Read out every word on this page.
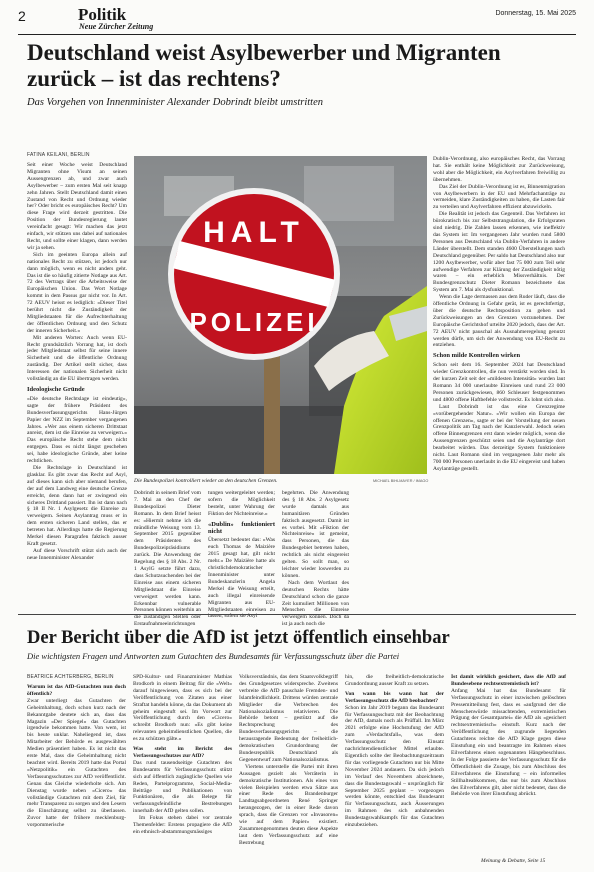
2	Politik
Neue Zürcher Zeitung
Donnerstag, 15. Mai 2025
Deutschland weist Asylbewerber und Migranten zurück – ist das rechtens?
Das Vorgehen von Innenminister Alexander Dobrindt bleibt umstritten
FATINA KEILANI, BERLIN

Seit einer Woche weist Deutschland Migranten ohne Visum an seinen Aussengrenzen ab, und zwar auch Asylbewerber – zum ersten Mal seit knapp zehn Jahren. Stellt Deutschland damit einen Zustand von Recht und Ordnung wieder her? Oder bricht es europäisches Recht? Um diese Frage wird derzeit gestritten. Die Position der Bundesregierung lautet vereinfacht gesagt: Wir machen das jetzt einfach, wir stützen uns dabei auf nationales Recht, und sollte einer klagen, dann werden wir ja sehen.

Sich im geeinten Europa allein auf nationales Recht zu stützen, ist jedoch nur dann möglich, wenn es nicht anders geht. Das ist die so häufig zitierte Notlage aus Art. 72 des Vertrags über die Arbeitsweise der Europäischen Union. Das Wort Notlage kommt in dem Passus gar nicht vor. In Art. 72 AEUV heisst es lediglich: «Dieser Titel berührt nicht die Zuständigkeit der Mitgliedstaaten für die Aufrechterhaltung der öffentlichen Ordnung und den Schutz der inneren Sicherheit.»

Mit anderen Worten: Auch wenn EU-Recht grundsätzlich Vorrang hat, ist doch jeder Mitgliedstaat selbst für seine innere Sicherheit und die öffentliche Ordnung zuständig. Der Artikel stellt sicher, dass Interessen der nationalen Sicherheit nicht vollständig an die EU übertragen werden.

Ideologische Gründe

«Die deutsche Rechtslage ist eindeutig», sagte der frühere Präsident des Bundesverfassungsgerichts Hans-Jürgen Papier der NZZ im September vergangenen Jahres. «Wer aus einem sicheren Drittstaat anreist, dem ist die Einreise zu verweigern.» Das europäische Recht stehe dem nicht entgegen. Dass es nicht längst geschehen sei, habe ideologische Gründe, aber keine rechtlichen.

Die Rechtslage in Deutschland ist glasklar. Es gibt zwar das Recht auf Asyl, auf dieses kann sich aber niemand berufen, der auf dem Landweg eine deutsche Grenze erreicht, denn dann hat er zwingend ein sicheres Drittland passiert. Ihn ist dann nach § 18 II Nr. 1 Asylgesetz die Einreise zu verweigern. Seinen Asylantrag muss er in dem ersten sicheren Land stellen, das er betreten hat. Allerdings hatte die Regierung Merkel diesen Paragrafen faktisch ausser Kraft gesetzt.

Auf diese Vorschrift stützt sich auch der neue Innenminister Alexander

HALT
POLIZEI
Die Bundespolizei kontrolliert wieder an den deutschen Grenzen.	MICHAEL BIHLMAYER / IMAGO

Dobrindt in seinem Brief vom 7. Mai an den Chef der Bundespolizei Dieter Romann. In dem Brief heisst es: «Hiermit nehme ich die mündliche Weisung vom 13. September 2015 gegenüber dem Präsidenten des Bundespolizeipräsidiums zurück. Die Anwendung der Regelung des § 18 Abs. 2 Nr. 1 AsylG setzte führt dazu, dass Schutzsuchenden bei der Einreise aus einem sicheren Mitgliedstaat die Einreise verweigert werden kann. Erkennbar vulnerable Personen können weiterhin an die zuständigen Stellen oder Erstaufnahmeeinrichtungen

tungen weitergeleitet werden; sofern die Möglichkeit besteht, unter Wahrung der Fiktion der Nichteinreise.»

«Dublin» funktioniert nicht

Übersetzt bedeutet das: «Was euch Thomas de Maizière 2015 gesagt hat, gilt nicht mehr.» De Maizière hatte als christlichdemokratischer Innenminister unter Bundeskanzlerin Angela Merkel die Weisung erteilt, auch illegal einreisende Migranten aus EU-Mitgliedstaaten einreisen zu lassen, sofern sie Asyl

begehrten. Die Anwendung des § 18 Abs. 2 Asylgesetz wurde damals aus humanitären Gründen faktisch ausgesetzt. Damit ist es vorbei. Mit «Fiktion der Nichteinreise» ist gemeint, dass Personen, die das Bundesgebiet betreten haben, rechtlich als nicht eingereist gelten. So sollt man, so leichter wieder loswerden zu können.

Nach dem Wortlaut des deutschen Rechts hätte Deutschland schon die ganze Zeit kumuliert Millionen von Menschen die Einreise verweigern können. Doch da ist ja auch noch die

Dublin-Verordnung, also europäisches Recht, das Vorrang hat. Sie enthält keine Möglichkeit zur Zurückweisung, wohl aber die Möglichkeit, ein Asylverfahren freiwillig zu übernehmen.

Das Ziel der Dublin-Verordnung ist es, Binnenmigration von Asylbewerbern in der EU und Mehrfachanträge zu vermeiden, klare Zuständigkeiten zu haben, die Lasten fair zu verteilen und Asylverfahren effizient abzuwickeln.

Die Realität ist jedoch das Gegenteil. Das Verfahren ist bürokratisch bis zur Selbststrangulation, die Erfolgsraten sind niedrig. Die Zahlen lassen erkennen, wie ineffektiv das System ist: Im vergangenen Jahr wurden rund 5800 Personen aus Deutschland via Dublin-Verfahren in andere Länder überstellt. Dem standen 4600 Überstellungen nach Deutschland gegenüber. Per saldo hat Deutschland also nur 1200 Asylbewerber, wofür aber fast 75 000 zum Teil sehr aufwendige Verfahren zur Klärung der Zuständigkeit nötig waren – ein erheblich Missverhältnis. Der Bundesgrenzschutz Dieter Romann bezeichnete das System am 7. Mai als dysfunktional.

Wenn die Lage dermassen aus dem Ruder läuft, dass die öffentliche Ordnung in Gefahr gerät, ist es gerechtfertigt, über die deutsche Rechtsposition zu gehen und Zurückweisungen an den Grenzen vorzunehmen. Der Europäische Gerichtshof urteilte 2020 jedoch, dass der Art. 72 AEUV nicht pauschal als Ausnahmeregelung genutzt werden dürfe, um sich der Anwendung von EU-Recht zu entziehen.

Schon milde Kontrollen wirken

Schon seit dem 16. September 2024 hat Deutschland wieder Grenzkontrollen, die nun verstärkt worden sind. In der kurzen Zeit seit der «mildesten Intensität» wurden laut Romann 34 000 unerlaubte Einreisen und rund 23 000 Personen zurückgewiesen, 860 Schleuser festgenommen und 4800 offene Haftbefehle vollstreckt. Es lohnt sich also.

Laut Dobrindt ist das eine Grenzregime «vorübergehender Natur». «Wir wollen ein Europa der offenen Grenzen», sagte er bei der Vorstellung der neuen Grenzpolitik am Tag nach der Kanzlerwahl. Jedoch seien offene Binnengrenzen erst dann wieder möglich, wenn die Aussengrenzen geschützt seien und die Asylanträge dort bearbeitet würden. Das derzeitige System funktioniere nicht. Laut Romann sind im vergangenen Jahr mehr als 700 000 Personen unerlaubt in die EU eingereist und haben Asylanträge gestellt.

Der Bericht über die AfD ist jetzt öffentlich einsehbar
Die wichtigsten Fragen und Antworten zum Gutachten des Bundesamts für Verfassungsschutz über die Partei
BEATRICE ACHTERBERG, BERLIN
Warum ist das AfD-Gutachten nun doch öffentlich?

Zwar unterliegt das Gutachten der Geheimhaltung, doch schon kurz nach der Bekanntgabe deutete sich an, dass das Magazin «Der Spiegel» das Gutachten irgendwie bekommen hatte. Von wem, ist bis heute unklar. Naheliegend ist, dass Mitarbeiter der Behörde es ausgewählten Medien präsentiert haben. Es ist nicht das erste Mal, dass die Geheimhaltung nicht beachtet wird. Bereits 2019 hatte das Portal «Netzpolitik» ein Gutachten des Verfassungsschutzes zur AfD veröffentlicht. Genau das Gleiche wiederholte sich. Am Dienstag wurde neben «Cicero» das vollständige Gutachten mit dem Ziel, für mehr Transparenz zu sorgen und den Lesern die Einschätzung selbst zu überlassen. Zuvor hatte der frühere mecklenburg-vorpommerische

SPD-Kultur- und Finanzminister Mathias Brodkorb in einem Beitrag für die «Welt» darauf hingewiesen, dass es sich bei der Veröffentlichung von Zitaten aus einer Straftat handeln könne, da das Dokument ab geheim eingestuft sei. Im Vorwort zur Veröffentlichung durch den «Cicero» schreibt Brodkorb nun: «Es gibt keine relevanten geheimdienstlichen Quellen, die es zu schützen gälte.»

Was steht im Bericht des Verfassungsschutzes zur AfD?

Das rund tausendseitige Gutachten des Bundesamts für Verfassungsschutz stützt sich auf öffentlich zugängliche Quellen wie Reden, Parteiprogramme, Social-Media-Beiträge und Publikationen von Funktionären, die als Belege für verfassungsfeindliche Bestrebungen innerhalb der AfD gelten sollen.

Im Fokus stehen dabei vor zentrale Themenfelder: Erstens propagiere die AfD ein ethnisch-abstammungsmässiges

Volksverständnis, das dem Staatsvolkbegriff des Grundgesetzes widerspreche. Zweitens verbreite die AfD pauschale Fremden- und Islamfeindlichkeit. Drittens würden zentrale Mitglieder die Verbrechen des Nationalsozialismus relativieren. Die Behörde betont – gestützt auf die Rechtsprechung des Bundesverfassungsgerichts – die herausragende Bedeutung der freiheitlich-demokratischen Grundordnung der Bundesrepublik Deutschland als Gegenentwurf zum Nationalsozialismus.

Viertens unterstelle die Partei mit ihren Aussagen gezielt als Verräterin in demokratische Institutionen. Als eines von vielen Beispielen werden etwa Sätze aus einer Rede des Brandenburger Landtagsabgeordneten René Springer herangezogen, der in einer Rede davon sprach, dass die Grenzen vor «Invasoren» wie auf dem Papier» existiert. Zusammengenommen deuten diese Aspekte laut dem Verfassungsschutz auf eine Bestrebung

hin, die freiheitlich-demokratische Grundordnung ausser Kraft zu setzen.

Von wann bis wann hat der Verfassungsschutz die AfD beobachtet?

Schon im Jahr 2019 begann das Bundesamt für Verfassungsschutz mit der Beobachtung der AfD, damals noch als Prüffall. Im März 2021 erfolgte eine Hochstufung der AfD zum «Verdachtsfall», was dem Verfassungsschutz den Einsatz nachrichtendienstlicher Mittel erlaubte. Eigentlich sollte der Beobachtungszeitraum für das vorliegende Gutachten nur bis Mitte November 2024 andauern. Da sich jedoch im Verlauf des Novembers abzeichnete, dass die Bundestagswahl – ursprünglich für September 2025 geplant – vorgezogen werden könnte, entschied das Bundesamt für Verfassungsschutz, auch Äusserungen im Rahmen des sich anbahnenden Bundestagswahlkampfs für das Gutachten einzubeziehen.

Ist damit wirklich gesichert, dass die AfD auf Bundesebene rechtsextremistisch ist?

Anfang Mai hat das Bundesamt für Verfassungsschutz in einer inzwischen gelöschten Pressemitteilung fest, dass es «aufgrund der die Menschenwürde missachtenden, extremistischen Prägung der Gesamtpartei» die AfD als «gesichert rechtsextremistisch» einstuft. Kurz nach der Veröffentlichung des zugrunde liegenden Gutachtens reichte die AfD Klage gegen diese Einstufung ein und beantragte im Rahmen eines Eilverfahrens einen sogenannten Hängebeschluss. In der Folge passierte der Verfassungsschutz für die Öffentlichkeit die Zusage, bis zum Abschluss des Eilverfahrens die Einstufung – ein informelles Stillhalteabkommen, das nur bis zum Abschluss des Eilverfahrens gilt, aber nicht bedeutet, dass die Behörde von ihrer Einstufung abrückt.

Meinung & Debatte, Seite 15
